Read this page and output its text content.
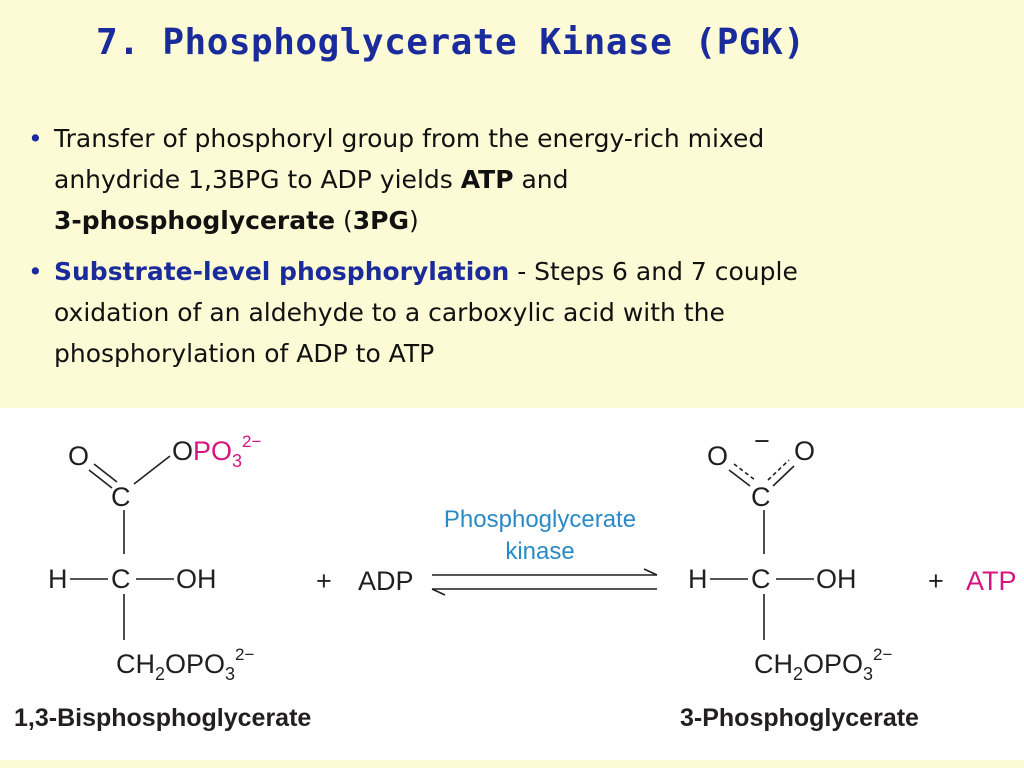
7. Phosphoglycerate Kinase (PGK)
• Transfer of phosphoryl group from the energy-rich mixed
anhydride 1,3BPG to ADP yields ATP and
3-phosphoglycerate (3PG)
• Substrate-level phosphorylation - Steps 6 and 7 couple
oxidation of an aldehyde to a carboxylic acid with the
phosphorylation of ADP to ATP
O
C
O $PO_3^{2-}$
H C OH
$CH_2OPO_3^{2-}$
1,3-Bisphosphoglycerate
+ ADP
Phosphoglycerate
kinase
O − O
C
H C OH
$CH_2OPO_3^{2-}$
3-Phosphoglycerate
+ ATP
